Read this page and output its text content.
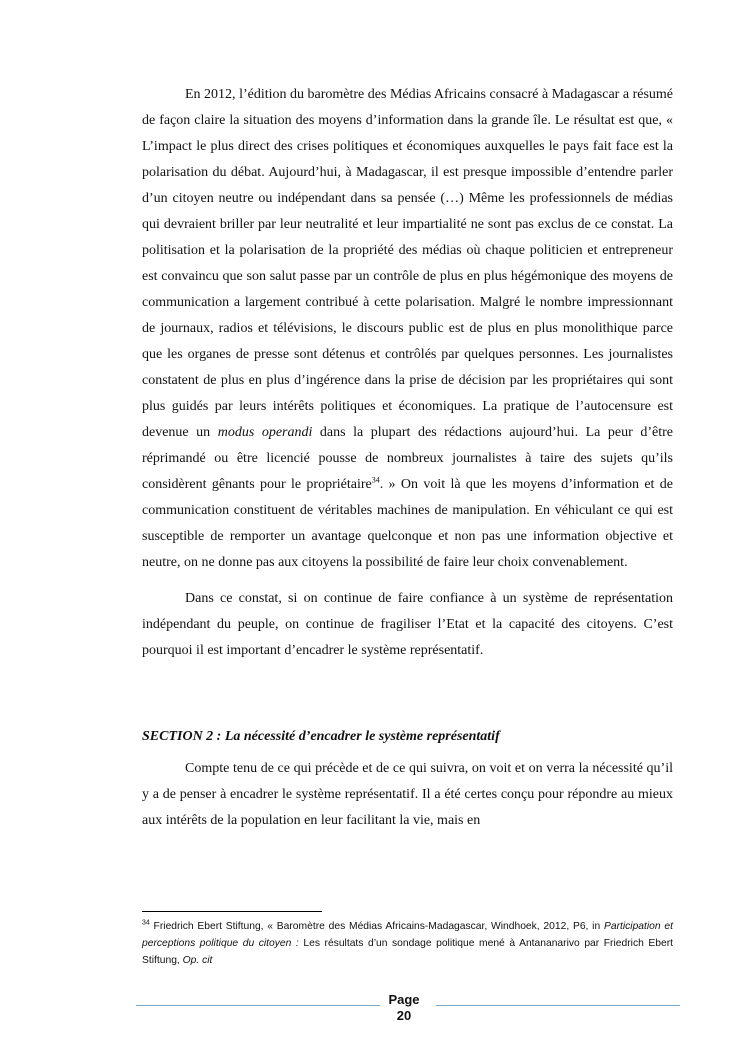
En 2012, l’édition du baromètre des Médias Africains consacré à Madagascar a résumé de façon claire la situation des moyens d’information dans la grande île. Le résultat est que, « L’impact le plus direct des crises politiques et économiques auxquelles le pays fait face est la polarisation du débat. Aujourd’hui, à Madagascar, il est presque impossible d’entendre parler d’un citoyen neutre ou indépendant dans sa pensée (…) Même les professionnels de médias qui devraient briller par leur neutralité et leur impartialité ne sont pas exclus de ce constat. La politisation et la polarisation de la propriété des médias où chaque politicien et entrepreneur est convaincu que son salut passe par un contrôle de plus en plus hégémonique des moyens de communication a largement contribué à cette polarisation. Malgré le nombre impressionnant de journaux, radios et télévisions, le discours public est de plus en plus monolithique parce que les organes de presse sont détenus et contrôlés par quelques personnes. Les journalistes constatent de plus en plus d’ingérence dans la prise de décision par les propriétaires qui sont plus guidés par leurs intérêts politiques et économiques. La pratique de l’autocensure est devenue un modus operandi dans la plupart des rédactions aujourd’hui. La peur d’être réprimandé ou être licencié pousse de nombreux journalistes à taire des sujets qu’ils considèrent gênants pour le propriétaire$^{34}$. » On voit là que les moyens d’information et de communication constituent de véritables machines de manipulation. En véhiculant ce qui est susceptible de remporter un avantage quelconque et non pas une information objective et neutre, on ne donne pas aux citoyens la possibilité de faire leur choix convenablement.

Dans ce constat, si on continue de faire confiance à un système de représentation indépendant du peuple, on continue de fragiliser l’Etat et la capacité des citoyens. C’est pourquoi il est important d’encadrer le système représentatif.

SECTION 2 : La nécessité d’encadrer le système représentatif

Compte tenu de ce qui précède et de ce qui suivra, on voit et on verra la nécessité qu’il y a de penser à encadrer le système représentatif. Il a été certes conçu pour répondre au mieux aux intérêts de la population en leur facilitant la vie, mais en

$^{34}$ Friedrich Ebert Stiftung, « Baromètre des Médias Africains-Madagascar, Windhoek, 2012, P6, in Participation et perceptions politique du citoyen : Les résultats d’un sondage politique mené à Antananarivo par Friedrich Ebert Stiftung, Op. cit

Page
20
